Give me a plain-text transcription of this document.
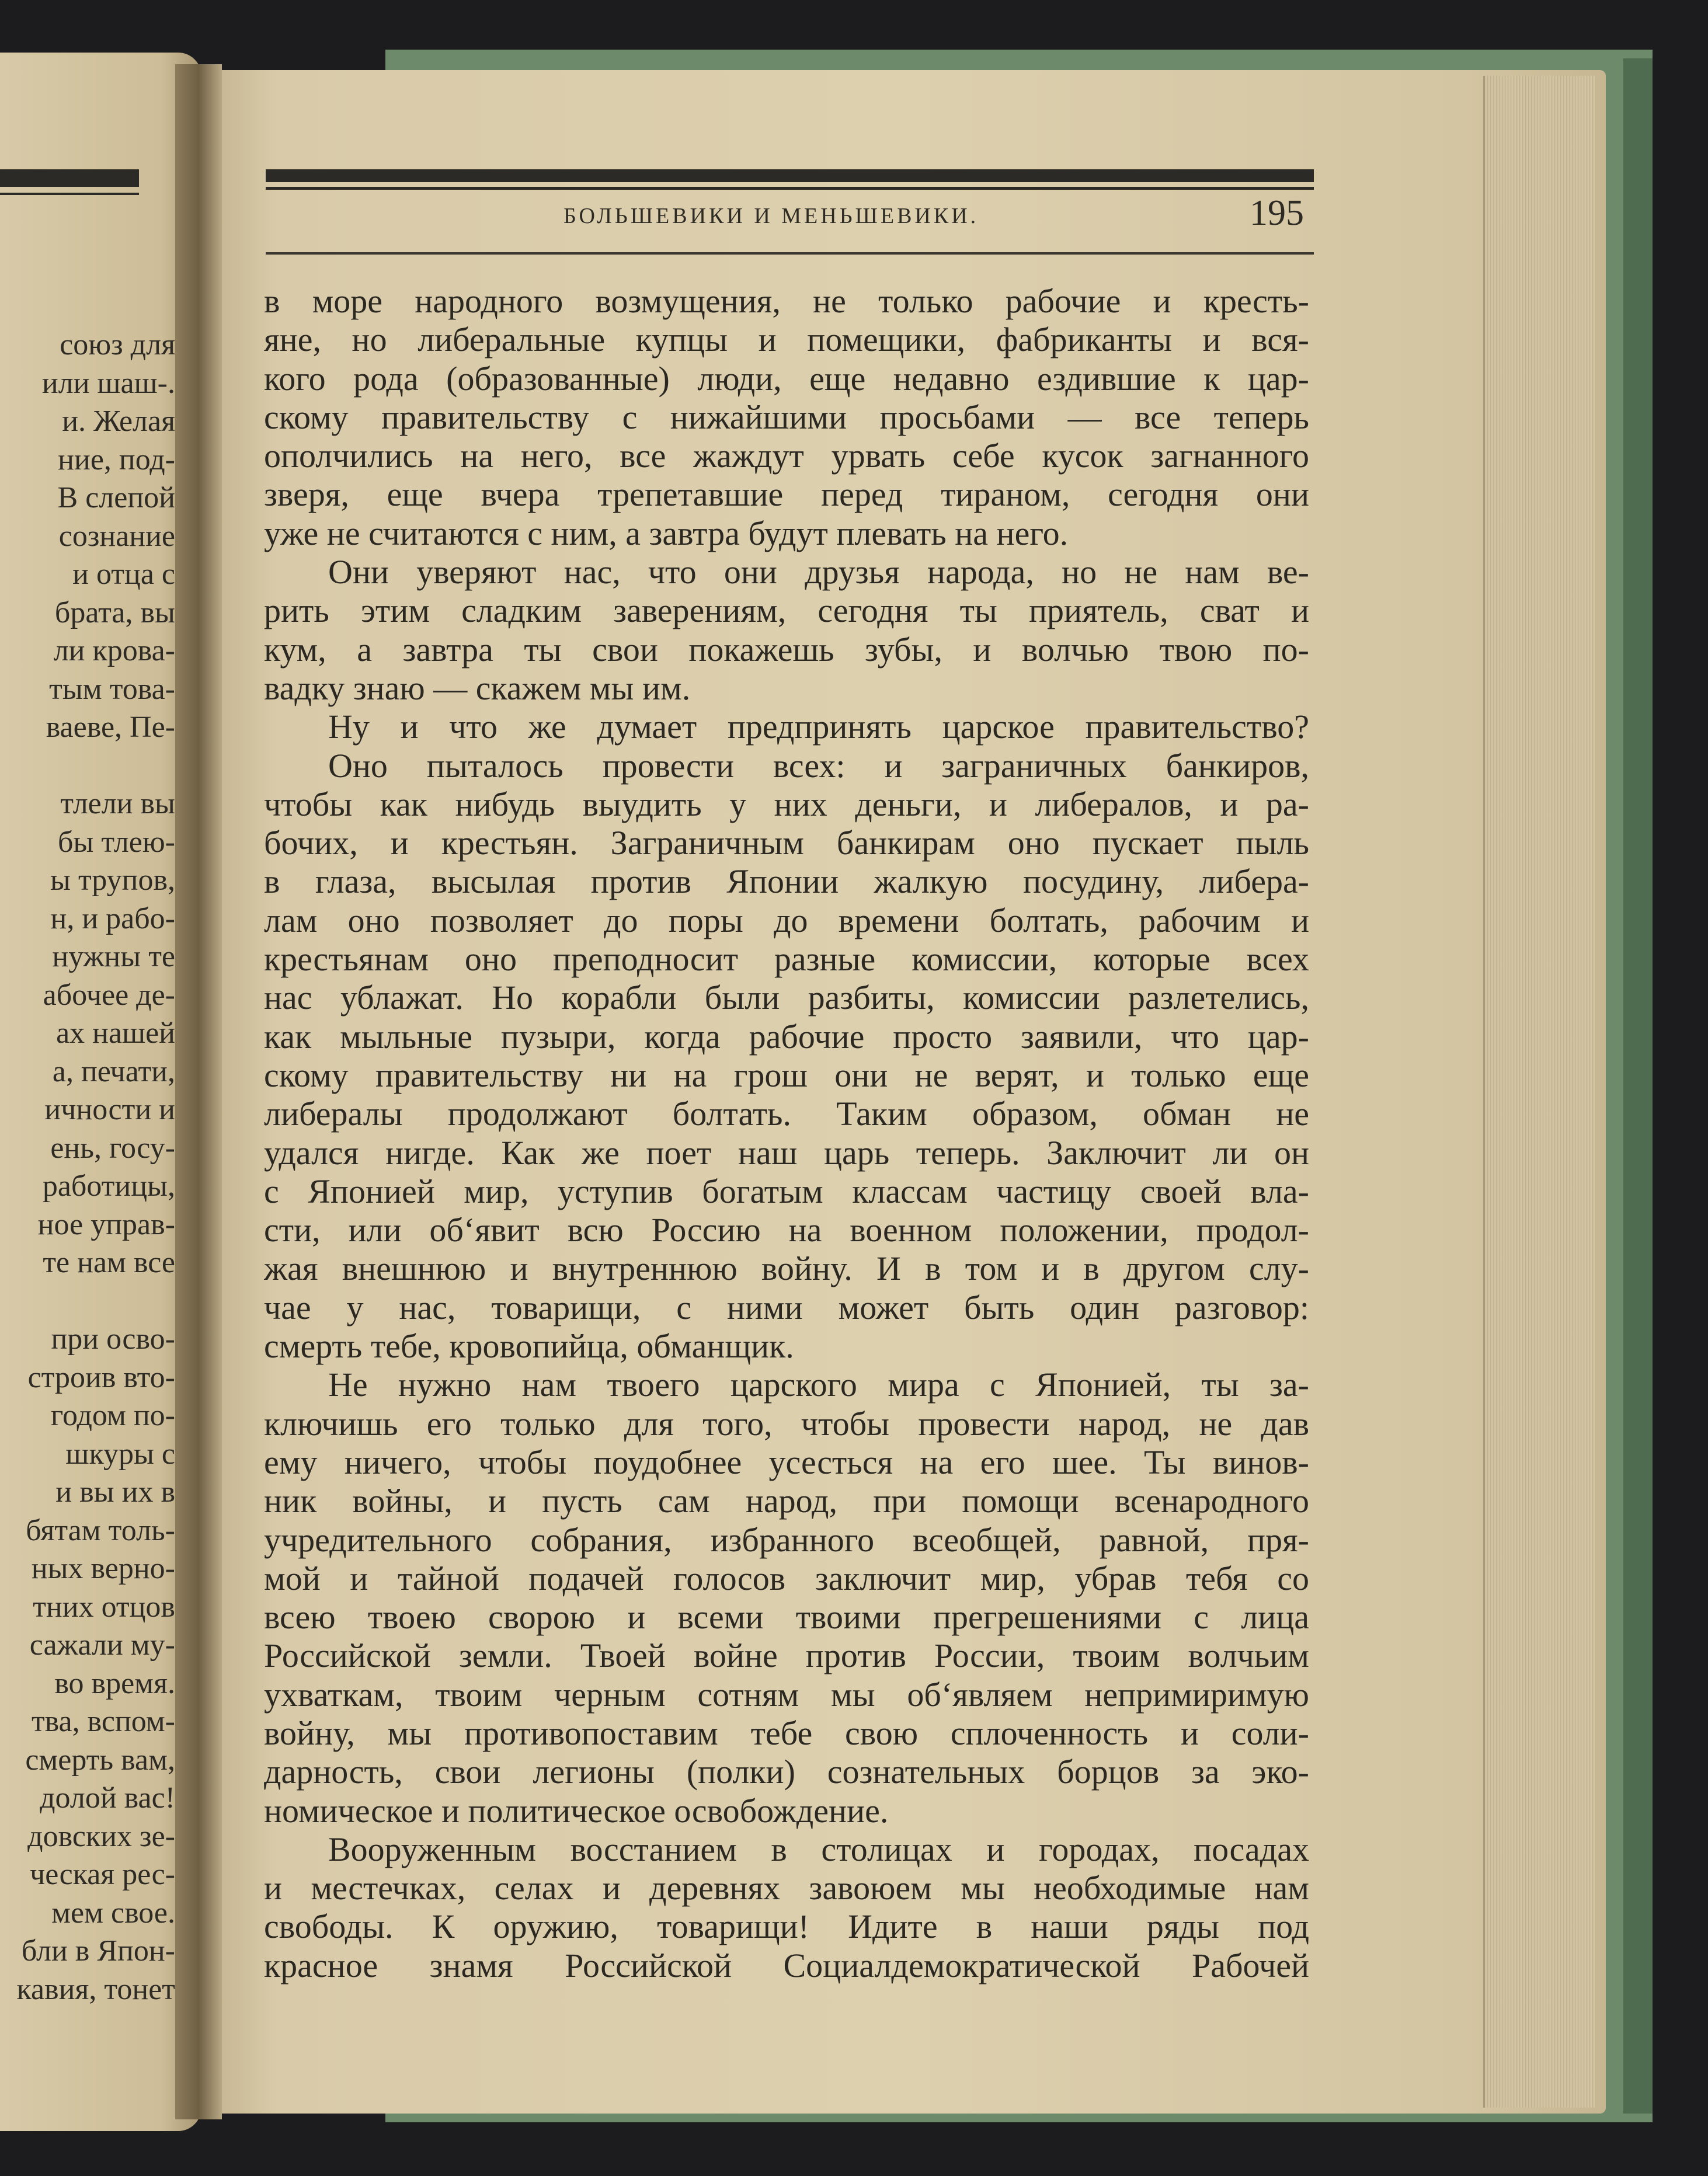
союз для
или шаш-.
и. Желая
ние, под-
В слепой
сознание
и отца с
брата, вы
ли крова-
тым това-
ваеве, Пе-
тлели вы
бы тлею-
ы трупов,
н, и рабо-
нужны те
абочее де-
ах нашей
а, печати,
ичности и
ень, госу-
работицы,
ное управ-
те нам все
при осво-
строив вто-
годом по-
шкуры с
и вы их в
бятам толь-
ных верно-
тних отцов
сажали му-
во время.
тва, вспом-
смерть вам,
долой вас!
довских зе-
ческая рес-
мем свое.
бли в Япон-
кавия, тонет
БОЛЬШЕВИКИ И МЕНЬШЕВИКИ.	195
в море народного возмущения, не только рабочие и кресть-
яне, но либеральные купцы и помещики, фабриканты и вся-
кого рода (образованные) люди, еще недавно ездившие к цар-
скому правительству с нижайшими просьбами — все теперь
ополчились на него, все жаждут урвать себе кусок загнанного
зверя, еще вчера трепетавшие перед тираном, сегодня они
уже не считаются с ним, а завтра будут плевать на него.
Они уверяют нас, что они друзья народа, но не нам ве-
рить этим сладким заверениям, сегодня ты приятель, сват и
кум, а завтра ты свои покажешь зубы, и волчью твою по-
вадку знаю — скажем мы им.
Ну и что же думает предпринять царское правительство?
Оно пыталось провести всех: и заграничных банкиров,
чтобы как нибудь выудить у них деньги, и либералов, и ра-
бочих, и крестьян. Заграничным банкирам оно пускает пыль
в глаза, высылая против Японии жалкую посудину, либера-
лам оно позволяет до поры до времени болтать, рабочим и
крестьянам оно преподносит разные комиссии, которые всех
нас ублажат. Но корабли были разбиты, комиссии разлетелись,
как мыльные пузыри, когда рабочие просто заявили, что цар-
скому правительству ни на грош они не верят, и только еще
либералы продолжают болтать. Таким образом, обман не
удался нигде. Как же поет наш царь теперь. Заключит ли он
с Японией мир, уступив богатым классам частицу своей вла-
сти, или об‘явит всю Россию на военном положении, продол-
жая внешнюю и внутреннюю войну. И в том и в другом слу-
чае у нас, товарищи, с ними может быть один разговор:
смерть тебе, кровопийца, обманщик.
Не нужно нам твоего царского мира с Японией, ты за-
ключишь его только для того, чтобы провести народ, не дав
ему ничего, чтобы поудобнее усесться на его шее. Ты винов-
ник войны, и пусть сам народ, при помощи всенародного
учредительного собрания, избранного всеобщей, равной, пря-
мой и тайной подачей голосов заключит мир, убрав тебя со
всею твоею сворою и всеми твоими прегрешениями с лица
Российской земли. Твоей войне против России, твоим волчьим
ухваткам, твоим черным сотням мы об‘являем непримиримую
войну, мы противопоставим тебе свою сплоченность и соли-
дарность, свои легионы (полки) сознательных борцов за эко-
номическое и политическое освобождение.
Вооруженным восстанием в столицах и городах, посадах
и местечках, селах и деревнях завоюем мы необходимые нам
свободы. К оружию, товарищи! Идите в наши ряды под
красное знамя Российской Социалдемократической Рабочей
